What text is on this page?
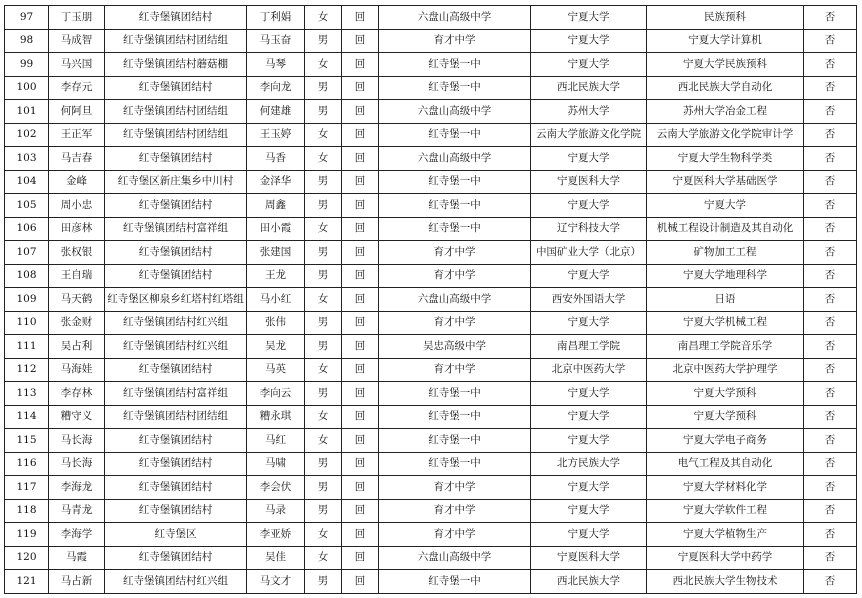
97	丁玉朋	红寺堡镇团结村	丁利娟	女	回	六盘山高级中学	宁夏大学	民族预科	否
98	马成智	红寺堡镇团结村团结组	马玉奋	男	回	育才中学	宁夏大学	宁夏大学计算机	否
99	马兴国	红寺堡镇团结村蘑菇棚	马琴	女	回	红寺堡一中	宁夏大学	宁夏大学民族预科	否
100	李存元	红寺堡镇团结村	李向龙	男	回	红寺堡一中	西北民族大学	西北民族大学自动化	否
101	何阿旦	红寺堡镇团结村团结组	何建雄	男	回	六盘山高级中学	苏州大学	苏州大学冶金工程	否
102	王正军	红寺堡镇团结村团结组	王玉婷	女	回	红寺堡一中	云南大学旅游文化学院	云南大学旅游文化学院审计学	否
103	马吉春	红寺堡镇团结村	马香	女	回	六盘山高级中学	宁夏大学	宁夏大学生物科学类	否
104	金峰	红寺堡区新庄集乡中川村	金泽华	男	回	红寺堡一中	宁夏医科大学	宁夏医科大学基础医学	否
105	周小忠	红寺堡镇团结村	周鑫	男	回	红寺堡一中	宁夏大学	宁夏大学	否
106	田彦林	红寺堡镇团结村富祥组	田小霞	女	回	红寺堡一中	辽宁科技大学	机械工程设计制造及其自动化	否
107	张权银	红寺堡镇团结村	张建国	男	回	育才中学	中国矿业大学（北京）	矿物加工工程	否
108	王自瑞	红寺堡镇团结村	王龙	男	回	育才中学	宁夏大学	宁夏大学地理科学	否
109	马天鹤	红寺堡区柳泉乡红塔村红塔组	马小红	女	回	六盘山高级中学	西安外国语大学	日语	否
110	张金财	红寺堡镇团结村红兴组	张伟	男	回	育才中学	宁夏大学	宁夏大学机械工程	否
111	吴占利	红寺堡镇团结村红兴组	吴龙	男	回	吴忠高级中学	南昌理工学院	南昌理工学院音乐学	否
112	马海娃	红寺堡镇团结村	马英	女	回	育才中学	北京中医药大学	北京中医药大学护理学	否
113	李存林	红寺堡镇团结村富祥组	李向云	男	回	红寺堡一中	宁夏大学	宁夏大学预科	否
114	糟守义	红寺堡镇团结村团结组	糟永琪	女	回	红寺堡一中	宁夏大学	宁夏大学预科	否
115	马长海	红寺堡镇团结村	马红	女	回	红寺堡一中	宁夏大学	宁夏大学电子商务	否
116	马长海	红寺堡镇团结村	马啸	男	回	红寺堡一中	北方民族大学	电气工程及其自动化	否
117	李海龙	红寺堡镇团结村	李会伏	男	回	育才中学	宁夏大学	宁夏大学材料化学	否
118	马青龙	红寺堡镇团结村	马录	男	回	育才中学	宁夏大学	宁夏大学软件工程	否
119	李海学	红寺堡区	李亚娇	女	回	育才中学	宁夏大学	宁夏大学植物生产	否
120	马霞	红寺堡镇团结村	吴佳	女	回	六盘山高级中学	宁夏医科大学	宁夏医科大学中药学	否
121	马占新	红寺堡镇团结村红兴组	马文才	男	回	红寺堡一中	西北民族大学	西北民族大学生物技术	否
